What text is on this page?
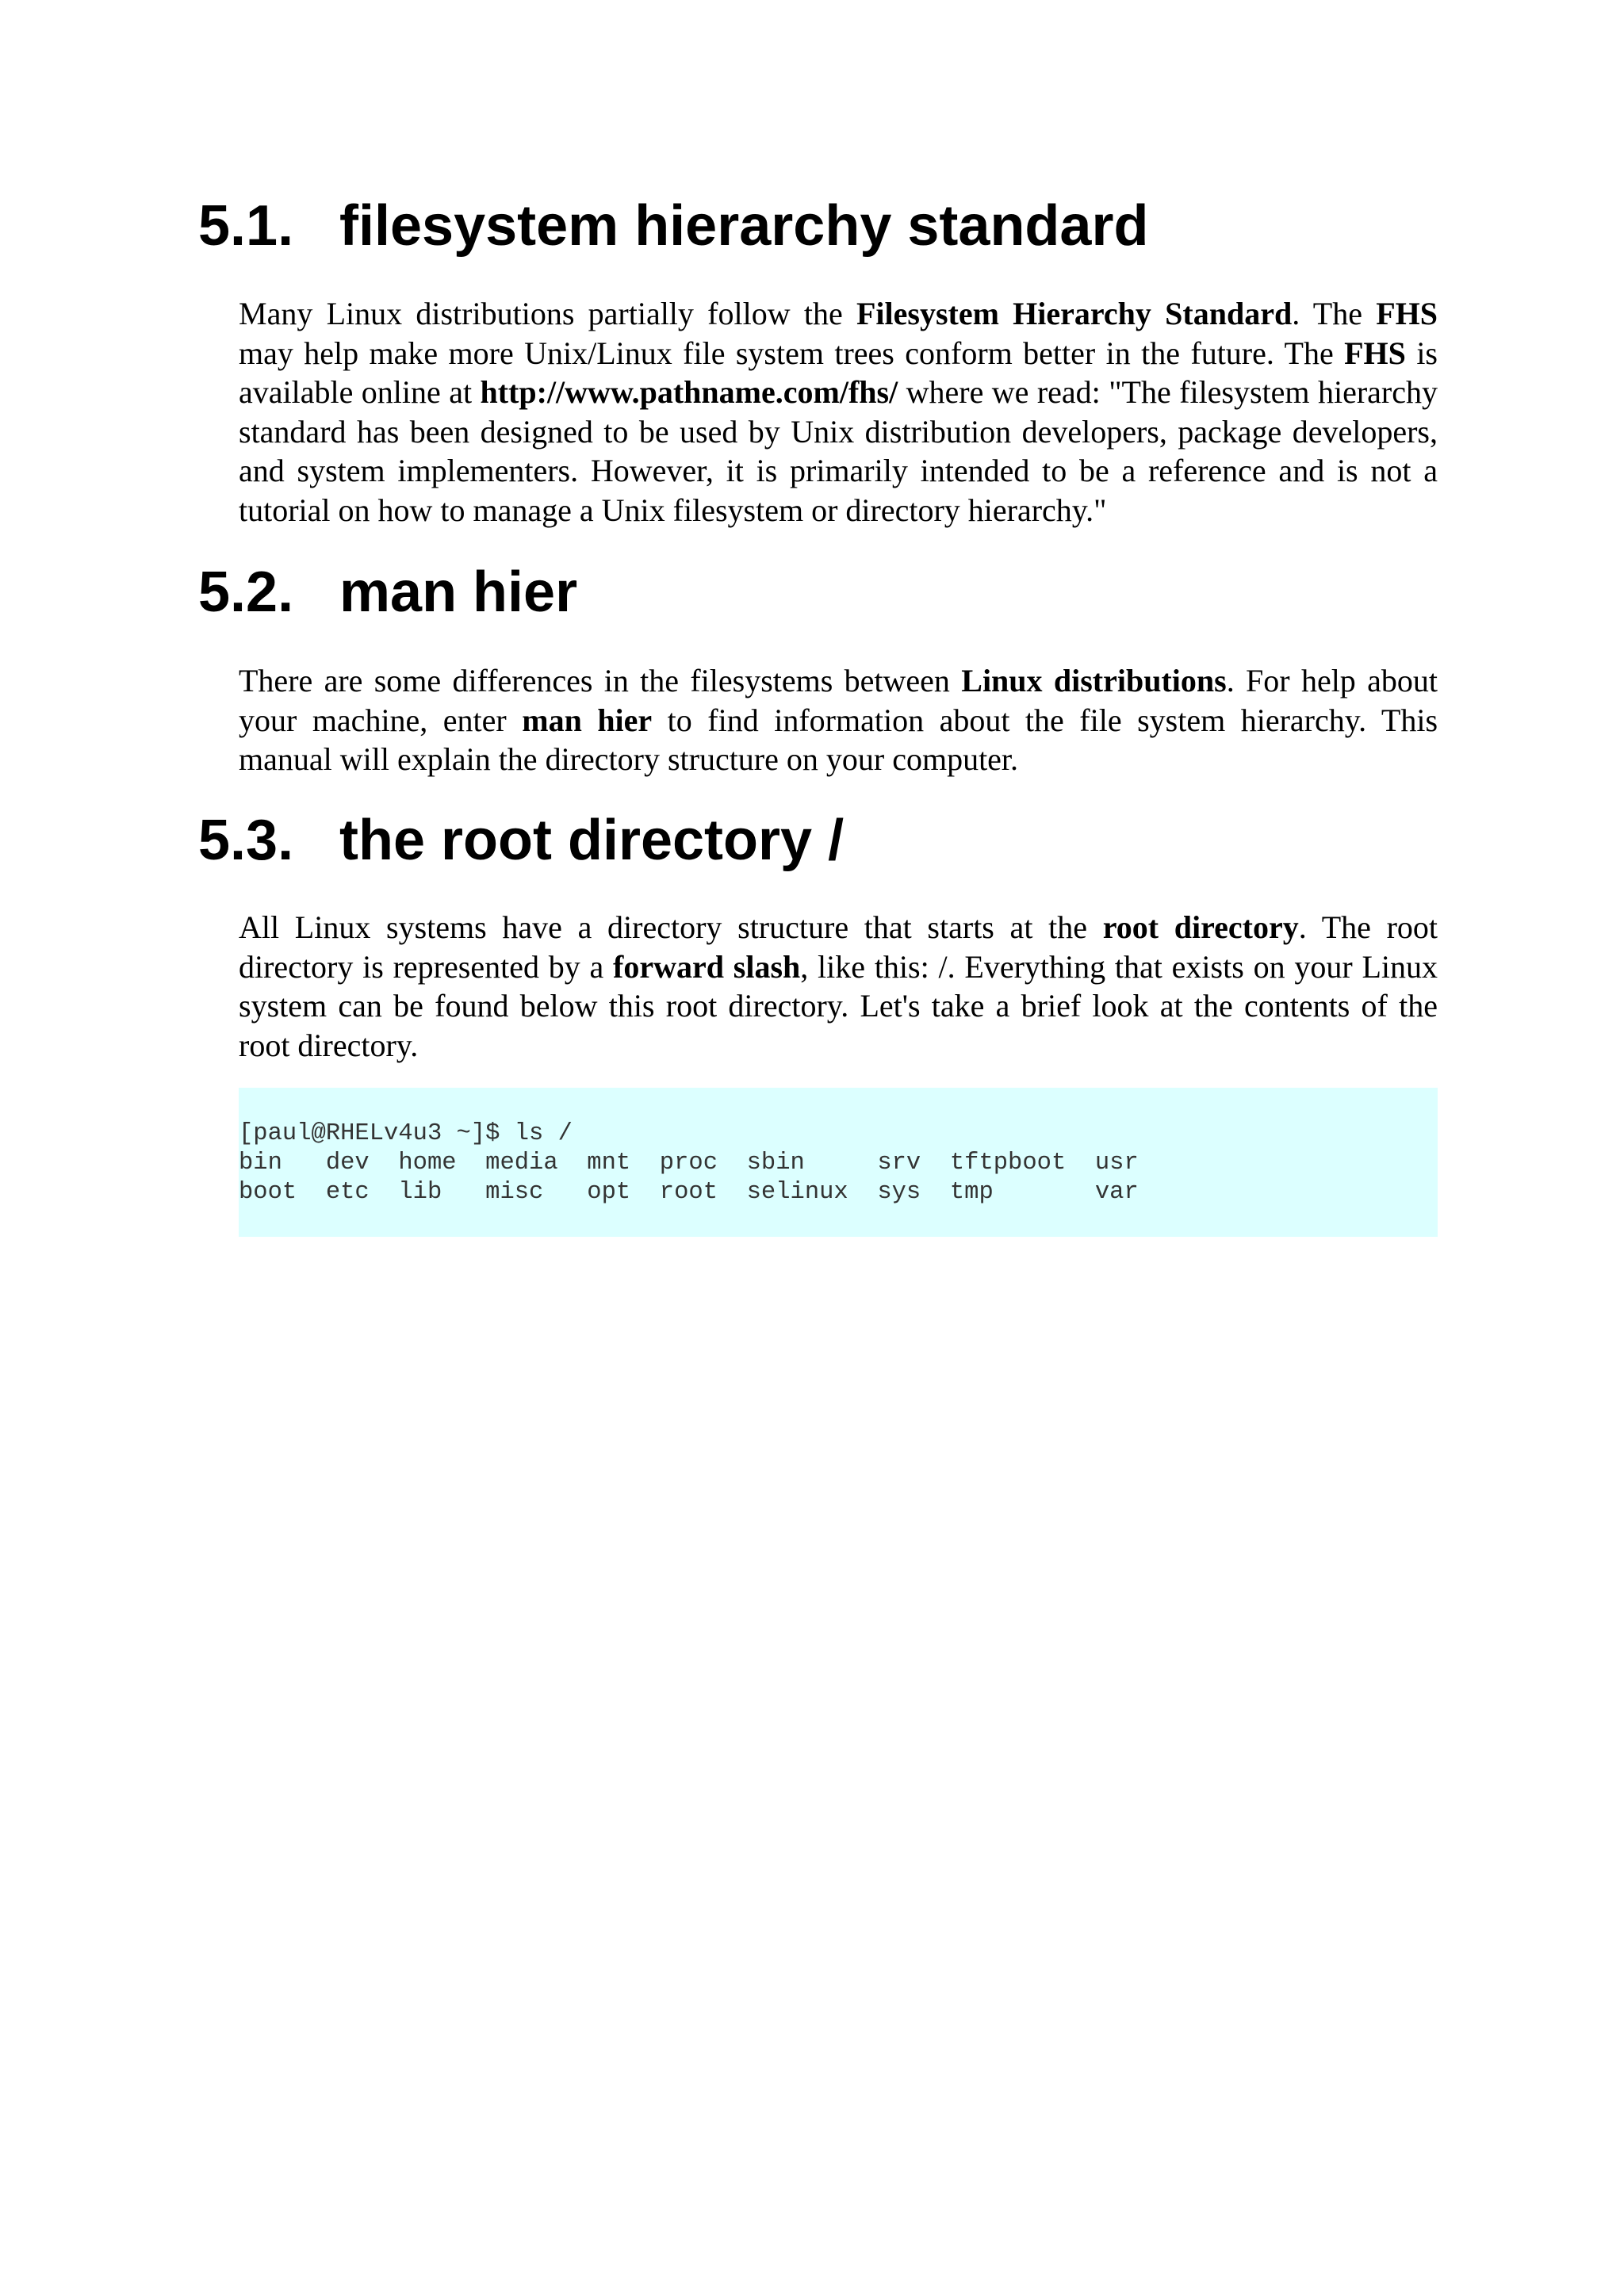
5.1. filesystem hierarchy standard

Many Linux distributions partially follow the Filesystem Hierarchy Standard. The FHS may help make more Unix/Linux file system trees conform better in the future. The FHS is available online at http://www.pathname.com/fhs/ where we read: "The filesystem hierarchy standard has been designed to be used by Unix distribution developers, package developers, and system implementers. However, it is primarily intended to be a reference and is not a tutorial on how to manage a Unix filesystem or directory hierarchy."

5.2. man hier

There are some differences in the filesystems between Linux distributions. For help about your machine, enter man hier to find information about the file system hierarchy. This manual will explain the directory structure on your computer.

5.3. the root directory /

All Linux systems have a directory structure that starts at the root directory. The root directory is represented by a forward slash, like this: /. Everything that exists on your Linux system can be found below this root directory. Let's take a brief look at the contents of the root directory.

[paul@RHELv4u3 ~]$ ls /
bin   dev  home  media  mnt  proc  sbin     srv  tftpboot  usr
boot  etc  lib   misc   opt  root  selinux  sys  tmp       var
